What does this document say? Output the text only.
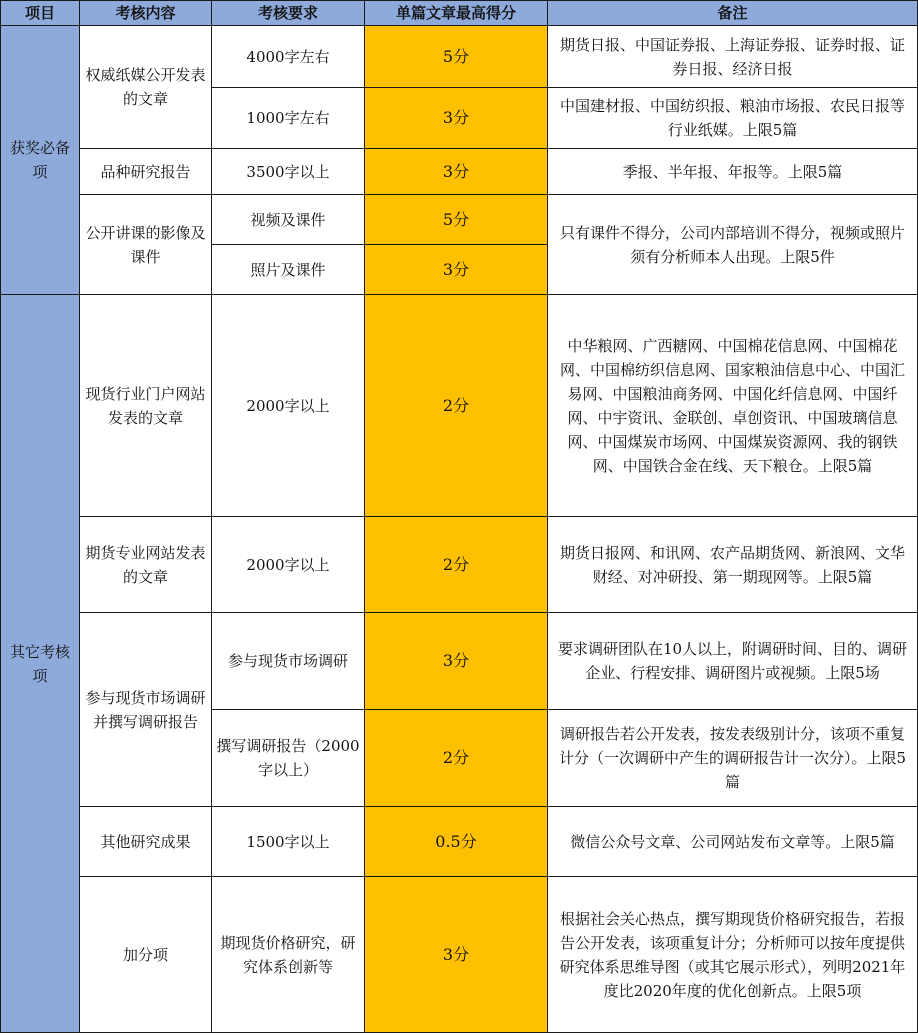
项目	考核内容	考核要求	单篇文章最高得分	备注
获奖必备项	权威纸媒公开发表的文章	4000字左右	5分	期货日报、中国证券报、上海证券报、证券时报、证券日报、经济日报
		1000字左右	3分	中国建材报、中国纺织报、粮油市场报、农民日报等行业纸媒。上限5篇
	品种研究报告	3500字以上	3分	季报、半年报、年报等。上限5篇
	公开讲课的影像及课件	视频及课件	5分	只有课件不得分，公司内部培训不得分，视频或照片须有分析师本人出现。上限5件
		照片及课件	3分	
其它考核项	现货行业门户网站发表的文章	2000字以上	2分	中华粮网、广西糖网、中国棉花信息网、中国棉花网、中国棉纺织信息网、国家粮油信息中心、中国汇易网、中国粮油商务网、中国化纤信息网、中国纤网、中宇资讯、金联创、卓创资讯、中国玻璃信息网、中国煤炭市场网、中国煤炭资源网、我的钢铁网、中国铁合金在线、天下粮仓。上限5篇
	期货专业网站发表的文章	2000字以上	2分	期货日报网、和讯网、农产品期货网、新浪网、文华财经、对冲研投、第一期现网等。上限5篇
	参与现货市场调研并撰写调研报告	参与现货市场调研	3分	要求调研团队在10人以上，附调研时间、目的、调研企业、行程安排、调研图片或视频。上限5场
		撰写调研报告（2000字以上）	2分	调研报告若公开发表，按发表级别计分，该项不重复计分（一次调研中产生的调研报告计一次分）。上限5篇
	其他研究成果	1500字以上	0.5分	微信公众号文章、公司网站发布文章等。上限5篇
	加分项	期现货价格研究，研究体系创新等	3分	根据社会关心热点，撰写期现货价格研究报告，若报告公开发表，该项重复计分；分析师可以按年度提供研究体系思维导图（或其它展示形式），列明2021年度比2020年度的优化创新点。上限5项
